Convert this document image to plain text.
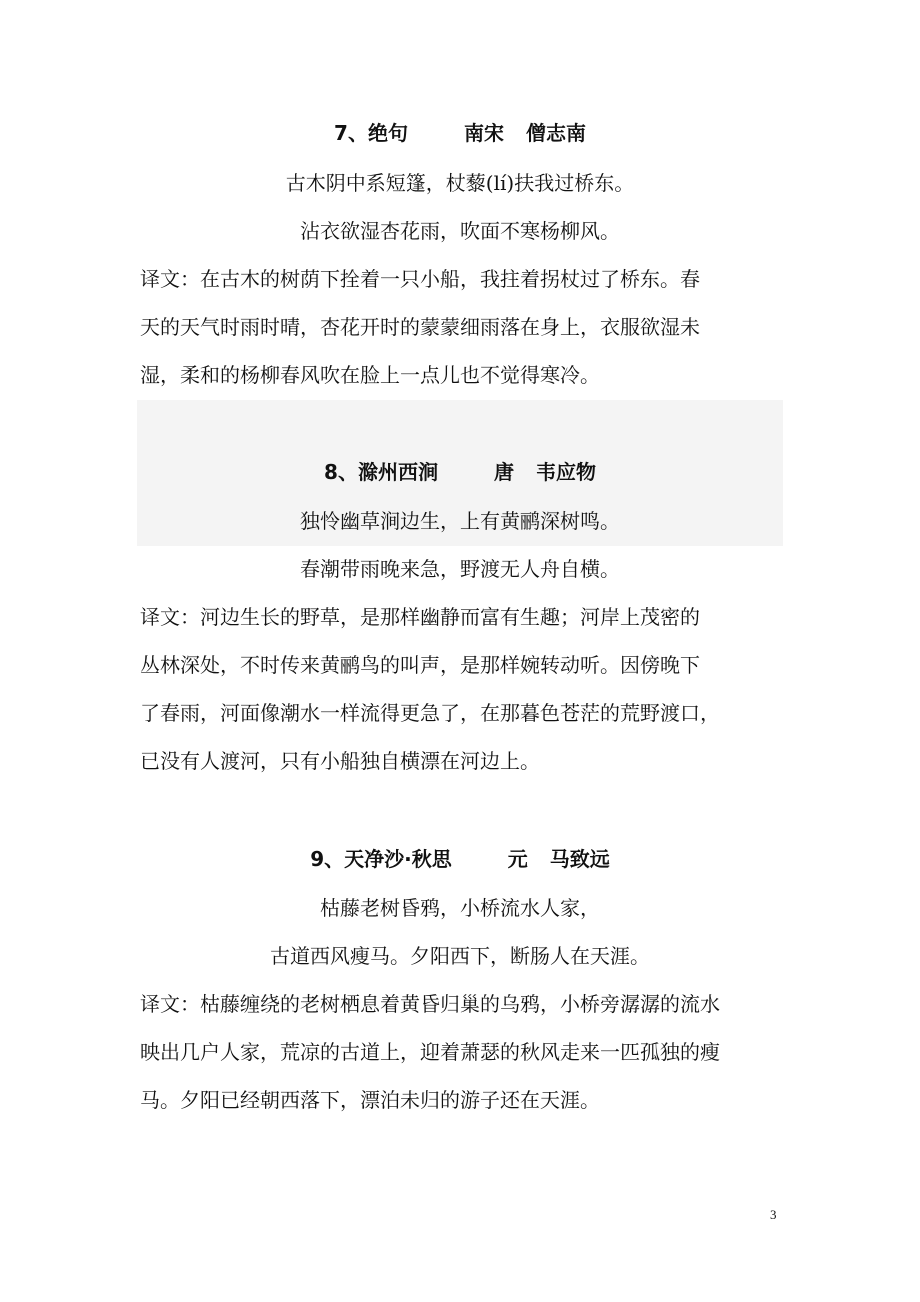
7、绝句	南宋 僧志南
古木阴中系短篷，杖藜(lí)扶我过桥东。
沾衣欲湿杏花雨，吹面不寒杨柳风。
译文：在古木的树荫下拴着一只小船，我拄着拐杖过了桥东。春
天的天气时雨时晴，杏花开时的蒙蒙细雨落在身上，衣服欲湿未
湿，柔和的杨柳春风吹在脸上一点儿也不觉得寒冷。
8、滁州西涧	唐 韦应物
独怜幽草涧边生，上有黄鹂深树鸣。
春潮带雨晚来急，野渡无人舟自横。
译文：河边生长的野草，是那样幽静而富有生趣；河岸上茂密的
丛林深处，不时传来黄鹂鸟的叫声，是那样婉转动听。因傍晚下
了春雨，河面像潮水一样流得更急了，在那暮色苍茫的荒野渡口，
已没有人渡河，只有小船独自横漂在河边上。
9、天净沙·秋思	元 马致远
枯藤老树昏鸦，小桥流水人家，
古道西风瘦马。夕阳西下，断肠人在天涯。
译文：枯藤缠绕的老树栖息着黄昏归巢的乌鸦，小桥旁潺潺的流水
映出几户人家，荒凉的古道上，迎着萧瑟的秋风走来一匹孤独的瘦
马。夕阳已经朝西落下，漂泊未归的游子还在天涯。
3
